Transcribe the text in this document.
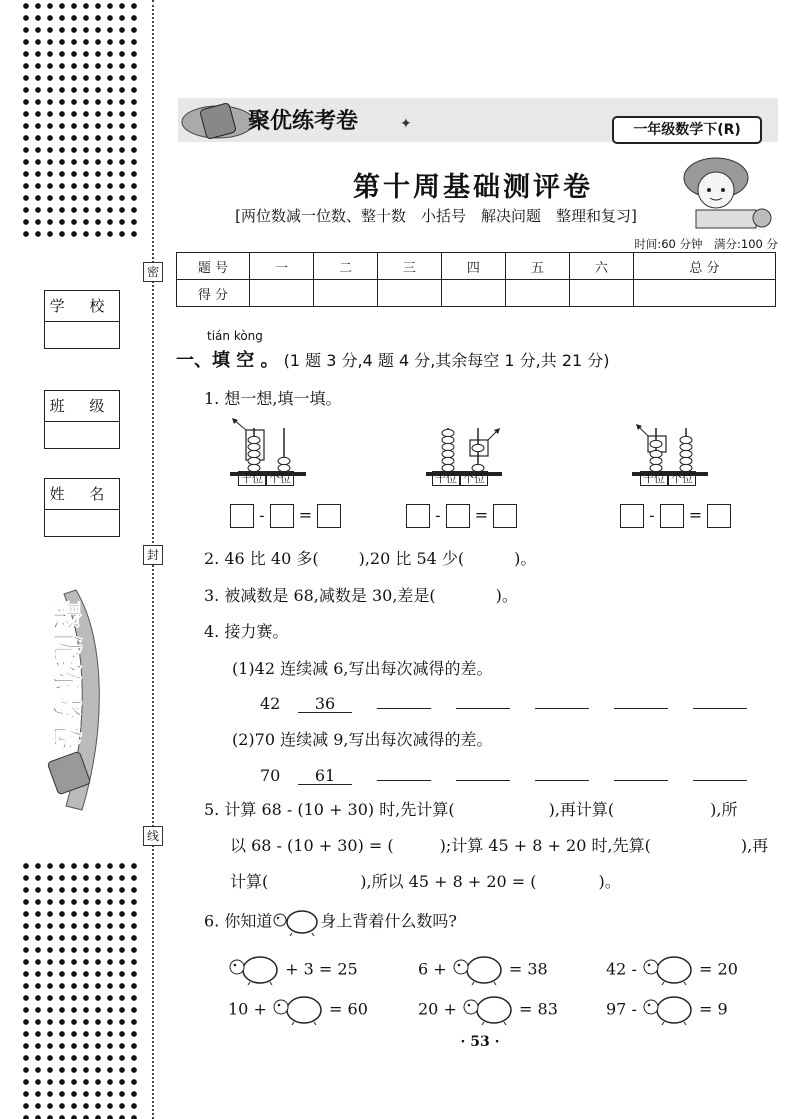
密
封
线
学 校
班 级
姓 名
聚优练考卷
聚优练考卷	✦	一年级数学下(R)
第十周基础测评卷
[两位数减一位数、整十数　小括号　解决问题　整理和复习]
时间:60 分钟　满分:100 分
题 号	一	二	三	四	五	六	总 分
得 分							
tián kòng
一、填 空 。 (1 题 3 分,4 题 4 分,其余每空 1 分,共 21 分)
1. 想一想,填一填。
十位 个位	十位 个位	十位 个位
- =	- =	- =
2. 46 比 40 多(	),20 比 54 少(	)。
3. 被减数是 68,减数是 30,差是(	)。
4. 接力赛。
(1)42 连续减 6,写出每次减得的差。
42 36
(2)70 连续减 9,写出每次减得的差。
70 61
5. 计算 68 - (10 + 30) 时,先计算(	),再计算(	),所
以 68 - (10 + 30) = (	);计算 45 + 8 + 20 时,先算(	),再
计算(	),所以 45 + 8 + 20 = (	)。
6. 你知道	身上背着什么数吗?
+ 3 = 25	6 +	= 38	42 -	= 20
10 +	= 60	20 +	= 83	97 -	= 9
· 53 ·
